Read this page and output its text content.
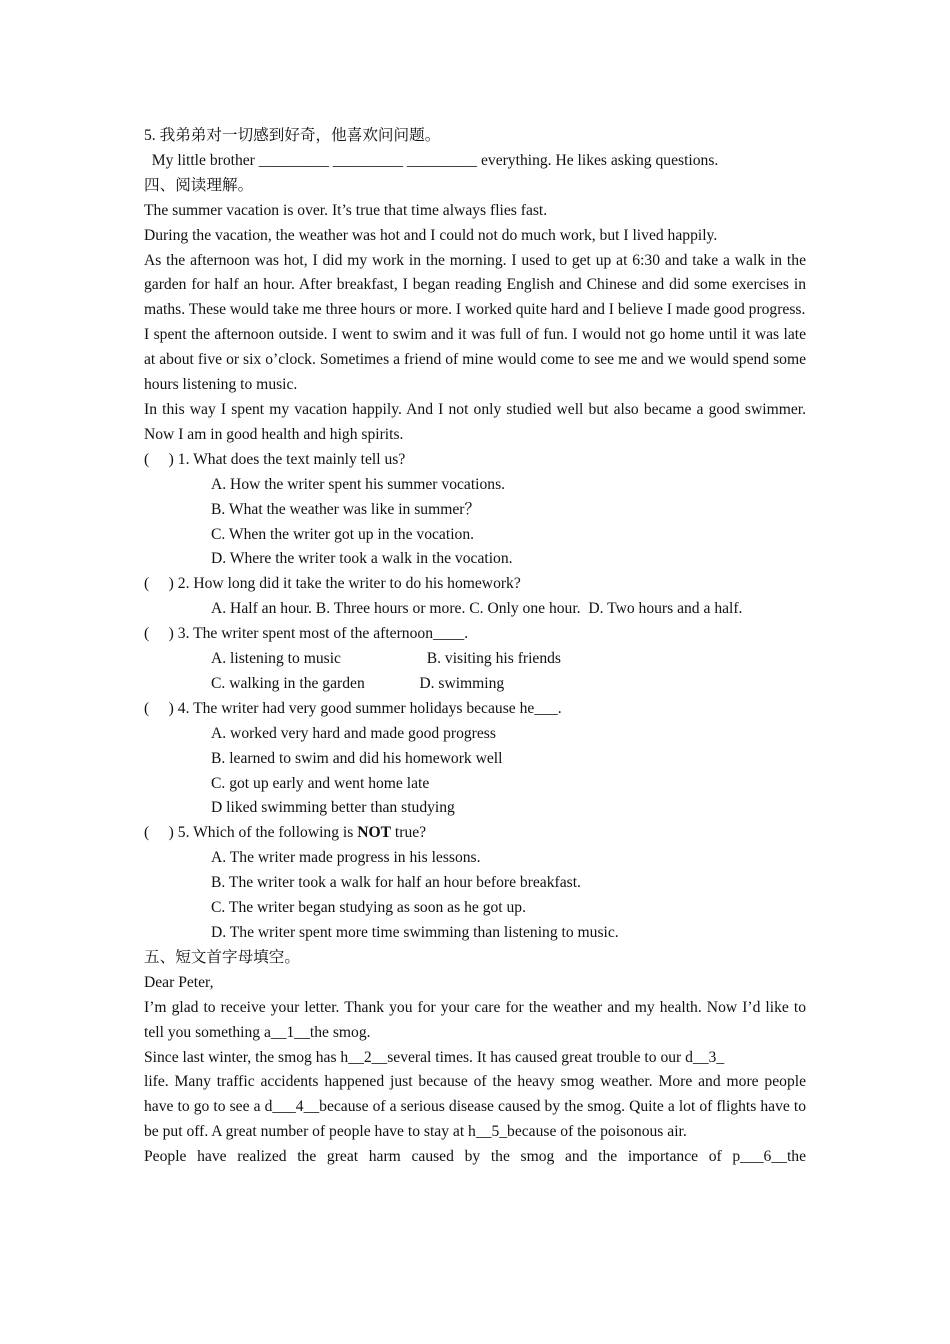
5. 我弟弟对一切感到好奇，他喜欢问问题。
My little brother _________ _________ _________ everything. He likes asking questions.
四、阅读理解。
The summer vacation is over. It’s true that time always flies fast.
During the vacation, the weather was hot and I could not do much work, but I lived happily.
As the afternoon was hot, I did my work in the morning. I used to get up at 6:30 and take a walk in the garden for half an hour. After breakfast, I began reading English and Chinese and did some exercises in maths. These would take me three hours or more. I worked quite hard and I believe I made good progress.
I spent the afternoon outside. I went to swim and it was full of fun. I would not go home until it was late at about five or six o’clock. Sometimes a friend of mine would come to see me and we would spend some hours listening to music.
In this way I spent my vacation happily. And I not only studied well but also became a good swimmer. Now I am in good health and high spirits.
(     ) 1. What does the text mainly tell us?
A. How the writer spent his summer vocations.
B. What the weather was like in summer？
C. When the writer got up in the vocation.
D. Where the writer took a walk in the vocation.
(     ) 2. How long did it take the writer to do his homework?
A. Half an hour. B. Three hours or more. C. Only one hour.  D. Two hours and a half.
(     ) 3. The writer spent most of the afternoon____.
A. listening to music                      B. visiting his friends
C. walking in the garden              D. swimming
(     ) 4. The writer had very good summer holidays because he___.
A. worked very hard and made good progress
B. learned to swim and did his homework well
C. got up early and went home late
D liked swimming better than studying
(     ) 5. Which of the following is NOT true?
A. The writer made progress in his lessons.
B. The writer took a walk for half an hour before breakfast.
C. The writer began studying as soon as he got up.
D. The writer spent more time swimming than listening to music.
五、短文首字母填空。
Dear Peter,
I’m glad to receive your letter. Thank you for your care for the weather and my health. Now I’d like to tell you something a__1__the smog.
Since last winter, the smog has h__2__several times. It has caused great trouble to our d__3_
life. Many traffic accidents happened just because of the heavy smog weather. More and more people have to go to see a d___4__because of a serious disease caused by the smog. Quite a lot of flights have to be put off. A great number of people have to stay at h__5_because of the poisonous air.
People have realized the great harm caused by the smog and the importance of p___6__the
